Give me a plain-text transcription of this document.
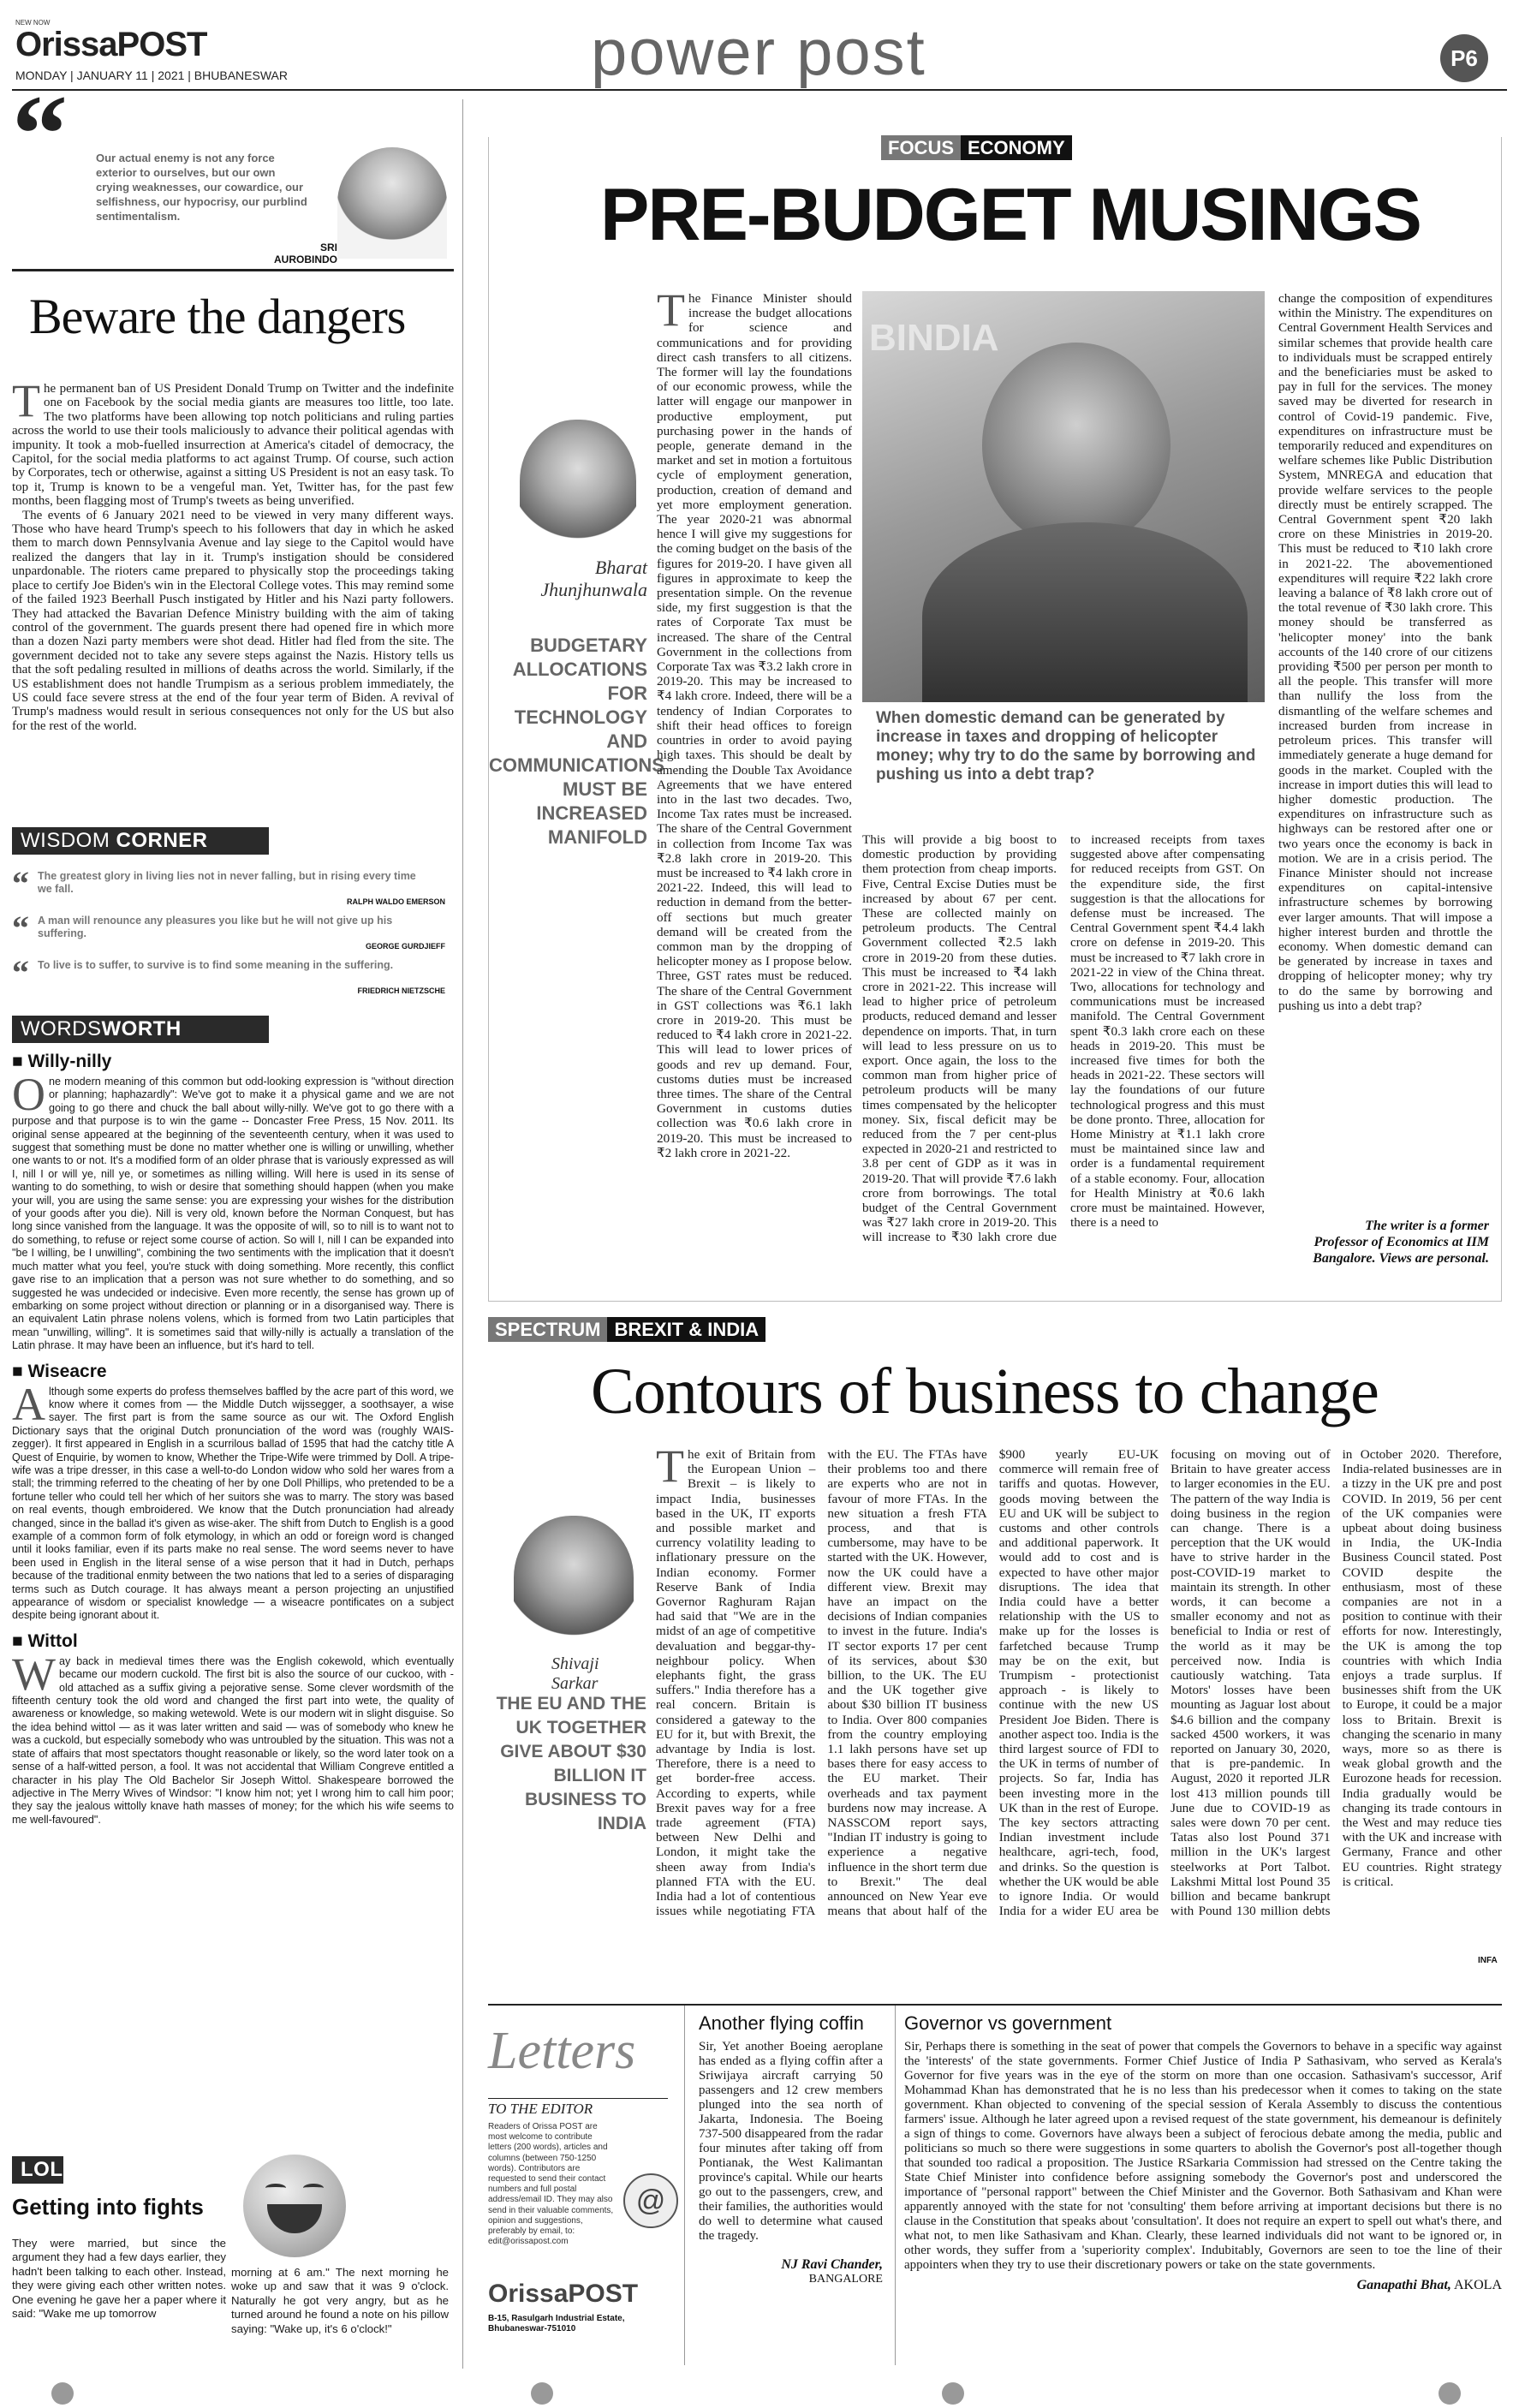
NEW NOW
OrissaPOST
MONDAY | JANUARY 11 | 2021 | BHUBANESWAR	power post	P6
“	Our actual enemy is not any force exterior to ourselves, but our own crying weaknesses, our cowardice, our selfishness, our hypocrisy, our purblind sentimentalism.
SRI AUROBINDO
Beware the dangers

The permanent ban of US President Donald Trump on Twitter and the indefinite one on Facebook by the social media giants are measures too little, too late. The two platforms have been allowing top notch politicians and ruling parties across the world to use their tools maliciously to advance their political agendas with impunity. It took a mob-fuelled insurrection at America's citadel of democracy, the Capitol, for the social media platforms to act against Trump. Of course, such action by Corporates, tech or otherwise, against a sitting US President is not an easy task. To top it, Trump is known to be a vengeful man. Yet, Twitter has, for the past few months, been flagging most of Trump's tweets as being unverified.

The events of 6 January 2021 need to be viewed in very many different ways. Those who have heard Trump's speech to his followers that day in which he asked them to march down Pennsylvania Avenue and lay siege to the Capitol would have realized the dangers that lay in it. Trump's instigation should be considered unpardonable. The rioters came prepared to physically stop the proceedings taking place to certify Joe Biden's win in the Electoral College votes. This may remind some of the failed 1923 Beerhall Pusch instigated by Hitler and his Nazi party followers. They had attacked the Bavarian Defence Ministry building with the aim of taking control of the government. The guards present there had opened fire in which more than a dozen Nazi party members were shot dead. Hitler had fled from the site. The government decided not to take any severe steps against the Nazis. History tells us that the soft pedaling resulted in millions of deaths across the world. Similarly, if the US establishment does not handle Trumpism as a serious problem immediately, the US could face severe stress at the end of the four year term of Biden. A revival of Trump's madness would result in serious consequences not only for the US but also for the rest of the world.

WISDOM CORNER
“ The greatest glory in living lies not in never falling, but in rising every time we fall.
RALPH WALDO EMERSON
“ A man will renounce any pleasures you like but he will not give up his suffering.
GEORGE GURDJIEFF
“ To live is to suffer, to survive is to find some meaning in the suffering.
FRIEDRICH NIETZSCHE
WORDSWORTH
■ Willy-nilly

One modern meaning of this common but odd-looking expression is "without direction or planning; haphazardly": We've got to make it a physical game and we are not going to go there and chuck the ball about willy-nilly. We've got to go there with a purpose and that purpose is to win the game -- Doncaster Free Press, 15 Nov. 2011. Its original sense appeared at the beginning of the seventeenth century, when it was used to suggest that something must be done no matter whether one is willing or unwilling, whether one wants to or not. It's a modified form of an older phrase that is variously expressed as will I, nill I or will ye, nill ye, or sometimes as nilling willing. Will here is used in its sense of wanting to do something, to wish or desire that something should happen (when you make your will, you are using the same sense: you are expressing your wishes for the distribution of your goods after you die). Nill is very old, known before the Norman Conquest, but has long since vanished from the language. It was the opposite of will, so to nill is to want not to do something, to refuse or reject some course of action. So will I, nill I can be expanded into "be I willing, be I unwilling", combining the two sentiments with the implication that it doesn't much matter what you feel, you're stuck with doing something. More recently, this conflict gave rise to an implication that a person was not sure whether to do something, and so suggested he was undecided or indecisive. Even more recently, the sense has grown up of embarking on some project without direction or planning or in a disorganised way. There is an equivalent Latin phrase nolens volens, which is formed from two Latin participles that mean "unwilling, willing". It is sometimes said that willy-nilly is actually a translation of the Latin phrase. It may have been an influence, but it's hard to tell.

■ Wiseacre

Although some experts do profess themselves baffled by the acre part of this word, we know where it comes from — the Middle Dutch wijssegger, a soothsayer, a wise sayer. The first part is from the same source as our wit. The Oxford English Dictionary says that the original Dutch pronunciation of the word was (roughly WAIS-zegger). It first appeared in English in a scurrilous ballad of 1595 that had the catchy title A Quest of Enquirie, by women to know, Whether the Tripe-Wife were trimmed by Doll. A tripe-wife was a tripe dresser, in this case a well-to-do London widow who sold her wares from a stall; the trimming referred to the cheating of her by one Doll Phillips, who pretended to be a fortune teller who could tell her which of her suitors she was to marry. The story was based on real events, though embroidered. We know that the Dutch pronunciation had already changed, since in the ballad it's given as wise-aker. The shift from Dutch to English is a good example of a common form of folk etymology, in which an odd or foreign word is changed until it looks familiar, even if its parts make no real sense. The word seems never to have been used in English in the literal sense of a wise person that it had in Dutch, perhaps because of the traditional enmity between the two nations that led to a series of disparaging terms such as Dutch courage. It has always meant a person projecting an unjustified appearance of wisdom or specialist knowledge — a wiseacre pontificates on a subject despite being ignorant about it.

■ Wittol

Way back in medieval times there was the English cokewold, which eventually became our modern cuckold. The first bit is also the source of our cuckoo, with -old attached as a suffix giving a pejorative sense. Some clever wordsmith of the fifteenth century took the old word and changed the first part into wete, the quality of awareness or knowledge, so making wetewold. Wete is our modern wit in slight disguise. So the idea behind wittol — as it was later written and said — was of somebody who knew he was a cuckold, but especially somebody who was untroubled by the situation. This was not a state of affairs that most spectators thought reasonable or likely, so the word later took on a sense of a half-witted person, a fool. It was not accidental that William Congreve entitled a character in his play The Old Bachelor Sir Joseph Wittol. Shakespeare borrowed the adjective in The Merry Wives of Windsor: "I know him not; yet I wrong him to call him poor; they say the jealous wittolly knave hath masses of money; for the which his wife seems to me well-favoured".

LOL
Getting into fights

They were married, but since the argument they had a few days earlier, they hadn't been talking to each other. Instead, they were giving each other written notes. One evening he gave her a paper where it said: "Wake me up tomorrow

morning at 6 am." The next morning he woke up and saw that it was 9 o'clock. Naturally he got very angry, but as he turned around he found a note on his pillow saying: "Wake up, it's 6 o'clock!"

FOCUS ECONOMY
PRE-BUDGET MUSINGS
Bharat Jhunjhunwala
BUDGETARY ALLOCATIONS FOR TECHNOLOGY AND COMMUNICATIONS MUST BE INCREASED MANIFOLD

The Finance Minister should increase the budget allocations for science and communications and for providing direct cash transfers to all citizens. The former will lay the foundations of our economic prowess, while the latter will engage our manpower in productive employment, put purchasing power in the hands of people, generate demand in the market and set in motion a fortuitous cycle of employment generation, production, creation of demand and yet more employment generation. The year 2020-21 was abnormal hence I will give my suggestions for the coming budget on the basis of the figures for 2019-20. I have given all figures in approximate to keep the presentation simple. On the revenue side, my first suggestion is that the rates of Corporate Tax must be increased. The share of the Central Government in the collections from Corporate Tax was ₹3.2 lakh crore in 2019-20. This may be increased to ₹4 lakh crore. Indeed, there will be a tendency of Indian Corporates to shift their head offices to foreign countries in order to avoid paying high taxes. This should be dealt by amending the Double Tax Avoidance Agreements that we have entered into in the last two decades. Two, Income Tax rates must be increased. The share of the Central Government in collection from Income Tax was ₹2.8 lakh crore in 2019-20. This must be increased to ₹4 lakh crore in 2021-22. Indeed, this will lead to reduction in demand from the better-off sections but much greater demand will be created from the common man by the dropping of helicopter money as I propose below. Three, GST rates must be reduced. The share of the Central Government in GST collections was ₹6.1 lakh crore in 2019-20. This must be reduced to ₹4 lakh crore in 2021-22. This will lead to lower prices of goods and rev up demand. Four, customs duties must be increased three times. The share of the Central Government in customs duties collection was ₹0.6 lakh crore in 2019-20. This must be increased to ₹2 lakh crore in 2021-22.

BINDIA
When domestic demand can be generated by increase in taxes and dropping of helicopter money; why try to do the same by borrowing and pushing us into a debt trap?
This will provide a big boost to domestic production by providing them protection from cheap imports. Five, Central Excise Duties must be increased by about 67 per cent. These are collected mainly on petroleum products. The Central Government collected ₹2.5 lakh crore in 2019-20 from these duties. This must be increased to ₹4 lakh crore in 2021-22. This increase will lead to higher price of petroleum products, reduced demand and lesser dependence on imports. That, in turn will lead to less pressure on us to export. Once again, the loss to the common man from higher price of petroleum products will be many times compensated by the helicopter money. Six, fiscal deficit may be reduced from the 7 per cent-plus expected in 2020-21 and restricted to 3.8 per cent of GDP as it was in 2019-20. That will provide ₹7.6 lakh crore from borrowings. The total budget of the Central Government was ₹27 lakh crore in 2019-20. This will increase to ₹30 lakh crore due to increased receipts from taxes suggested above after compensating for reduced receipts from GST. On the expenditure side, the first suggestion is that the allocations for defense must be increased. The Central Government spent ₹4.4 lakh crore on defense in 2019-20. This must be increased to ₹7 lakh crore in 2021-22 in view of the China threat. Two, allocations for technology and communications must be increased manifold. The Central Government spent ₹0.3 lakh crore each on these heads in 2019-20. This must be increased five times for both the heads in 2021-22. These sectors will lay the foundations of our future technological progress and this must be done pronto. Three, allocation for Home Ministry at ₹1.1 lakh crore must be maintained since law and order is a fundamental requirement of a stable economy. Four, allocation for Health Ministry at ₹0.6 lakh crore must be maintained. However, there is a need to

change the composition of expenditures within the Ministry. The expenditures on Central Government Health Services and similar schemes that provide health care to individuals must be scrapped entirely and the beneficiaries must be asked to pay in full for the services. The money saved may be diverted for research in control of Covid-19 pandemic. Five, expenditures on infrastructure must be temporarily reduced and expenditures on welfare schemes like Public Distribution System, MNREGA and education that provide welfare services to the people directly must be entirely scrapped. The Central Government spent ₹20 lakh crore on these Ministries in 2019-20. This must be reduced to ₹10 lakh crore in 2021-22. The abovementioned expenditures will require ₹22 lakh crore leaving a balance of ₹8 lakh crore out of the total revenue of ₹30 lakh crore. This money should be transferred as 'helicopter money' into the bank accounts of the 140 crore of our citizens providing ₹500 per person per month to all the people. This transfer will more than nullify the loss from the dismantling of the welfare schemes and increased burden from increase in petroleum prices. This transfer will immediately generate a huge demand for goods in the market. Coupled with the increase in import duties this will lead to higher domestic production. The expenditures on infrastructure such as highways can be restored after one or two years once the economy is back in motion. We are in a crisis period. The Finance Minister should not increase expenditures on capital-intensive infrastructure schemes by borrowing ever larger amounts. That will impose a higher interest burden and throttle the economy. When domestic demand can be generated by increase in taxes and dropping of helicopter money; why try to do the same by borrowing and pushing us into a debt trap?

The writer is a former Professor of Economics at IIM Bangalore. Views are personal.
SPECTRUM BREXIT & INDIA
Contours of business to change
Shivaji Sarkar
THE EU AND THE UK TOGETHER GIVE ABOUT $30 BILLION IT BUSINESS TO INDIA

The exit of Britain from the European Union – Brexit – is likely to impact India, businesses based in the UK, IT exports and possible market and currency volatility leading to inflationary pressure on the Indian economy. Former Reserve Bank of India Governor Raghuram Rajan had said that "We are in the midst of an age of competitive devaluation and beggar-thy-neighbour policy. When elephants fight, the grass suffers." India therefore has a real concern. Britain is considered a gateway to the EU for it, but with Brexit, the advantage by India is lost. Therefore, there is a need to get border-free access. According to experts, while Brexit paves way for a free trade agreement (FTA) between New Delhi and London, it might take the sheen away from India's planned FTA with the EU. India had a lot of contentious issues while negotiating FTA with the EU. The FTAs have their problems too and there are experts who are not in favour of more FTAs. In the new situation a fresh FTA process, and that is cumbersome, may have to be started with the UK. However, now the UK could have a different view. Brexit may have an impact on the decisions of Indian companies to invest in the future. India's IT sector exports 17 per cent of its services, about $30 billion, to the UK. The EU and the UK together give about $30 billion IT business to India. Over 800 companies from the country employing 1.1 lakh persons have set up bases there for easy access to the EU market. Their overheads and tax payment burdens now may increase. A NASSCOM report says, "Indian IT industry is going to experience a negative influence in the short term due to Brexit." The deal announced on New Year eve means that about half of the $900 yearly EU-UK commerce will remain free of tariffs and quotas. However, goods moving between the EU and UK will be subject to customs and other controls and additional paperwork. It would add to cost and is expected to have other major disruptions. The idea that India could have a better relationship with the US to make up for the losses is farfetched because Trump may be on the exit, but Trumpism - protectionist approach - is likely to continue with the new US President Joe Biden. There is another aspect too. India is the third largest source of FDI to the UK in terms of number of projects. So far, India has been investing more in the UK than in the rest of Europe. The key sectors attracting Indian investment include healthcare, agri-tech, food, and drinks. So the question is whether the UK would be able to ignore India. Or would India for a wider EU area be focusing on moving out of Britain to have greater access to larger economies in the EU. The pattern of the way India is doing business in the region can change. There is a perception that the UK would have to strive harder in the post-COVID-19 market to maintain its strength. In other words, it can become a smaller economy and not as beneficial to India or rest of the world as it may be perceived now. India is cautiously watching. Tata Motors' losses have been mounting as Jaguar lost about $4.6 billion and the company sacked 4500 workers, it was reported on January 30, 2020, that is pre-pandemic. In August, 2020 it reported JLR lost 413 million pounds till June due to COVID-19 as sales were down 70 per cent. Tatas also lost Pound 371 million in the UK's largest steelworks at Port Talbot. Lakshmi Mittal lost Pound 35 billion and became bankrupt with Pound 130 million debts in October 2020. Therefore, India-related businesses are in a tizzy in the UK pre and post COVID. In 2019, 56 per cent of the UK companies were upbeat about doing business in India, the UK-India Business Council stated. Post COVID despite the enthusiasm, most of these companies are not in a position to continue with their efforts for now. Interestingly, the UK is among the top countries with which India enjoys a trade surplus. If businesses shift from the UK to Europe, it could be a major loss to Britain. Brexit is changing the scenario in many ways, more so as there is weak global growth and the Eurozone heads for recession. India gradually would be changing its trade contours in the West and may reduce ties with the UK and increase with Germany, France and other EU countries. Right strategy is critical.

INFA
Letters
TO THE EDITOR
Readers of Orissa POST are most welcome to contribute letters (200 words), articles and columns (between 750-1250 words). Contributors are requested to send their contact numbers and full postal address/email ID. They may also send in their valuable comments, opinion and suggestions, preferably by email, to: edit@orissapost.com
@
OrissaPOST
B-15, Rasulgarh Industrial Estate, Bhubaneswar-751010
Another flying coffin

Sir, Yet another Boeing aeroplane has ended as a flying coffin after a Sriwijaya aircraft carrying 50 passengers and 12 crew members plunged into the sea north of Jakarta, Indonesia. The Boeing 737-500 disappeared from the radar four minutes after taking off from Pontianak, the West Kalimantan province's capital. While our hearts go out to the passengers, crew, and their families, the authorities would do well to determine what caused the tragedy.

NJ Ravi Chander,
BANGALORE
Governor vs government

Sir, Perhaps there is something in the seat of power that compels the Governors to behave in a specific way against the 'interests' of the state governments. Former Chief Justice of India P Sathasivam, who served as Kerala's Governor for five years was in the eye of the storm on more than one occasion. Sathasivam's successor, Arif Mohammad Khan has demonstrated that he is no less than his predecessor when it comes to taking on the state government. Khan objected to convening of the special session of Kerala Assembly to discuss the contentious farmers' issue. Although he later agreed upon a revised request of the state government, his demeanour is definitely a sign of things to come. Governors have always been a subject of ferocious debate among the media, public and politicians so much so there were suggestions in some quarters to abolish the Governor's post all-together though that sounded too radical a proposition. The Justice RSarkaria Commission had stressed on the Centre taking the State Chief Minister into confidence before assigning somebody the Governor's post and underscored the importance of "personal rapport" between the Chief Minister and the Governor. Both Sathasivam and Khan were apparently annoyed with the state for not 'consulting' them before arriving at important decisions but there is no clause in the Constitution that speaks about 'consultation'. It does not require an expert to spell out what's there, and what not, to men like Sathasivam and Khan. Clearly, these learned individuals did not want to be ignored or, in other words, they suffer from a 'superiority complex'. Indubitably, Governors are seen to toe the line of their appointers when they try to use their discretionary powers or take on the state governments.

Ganapathi Bhat, AKOLA
